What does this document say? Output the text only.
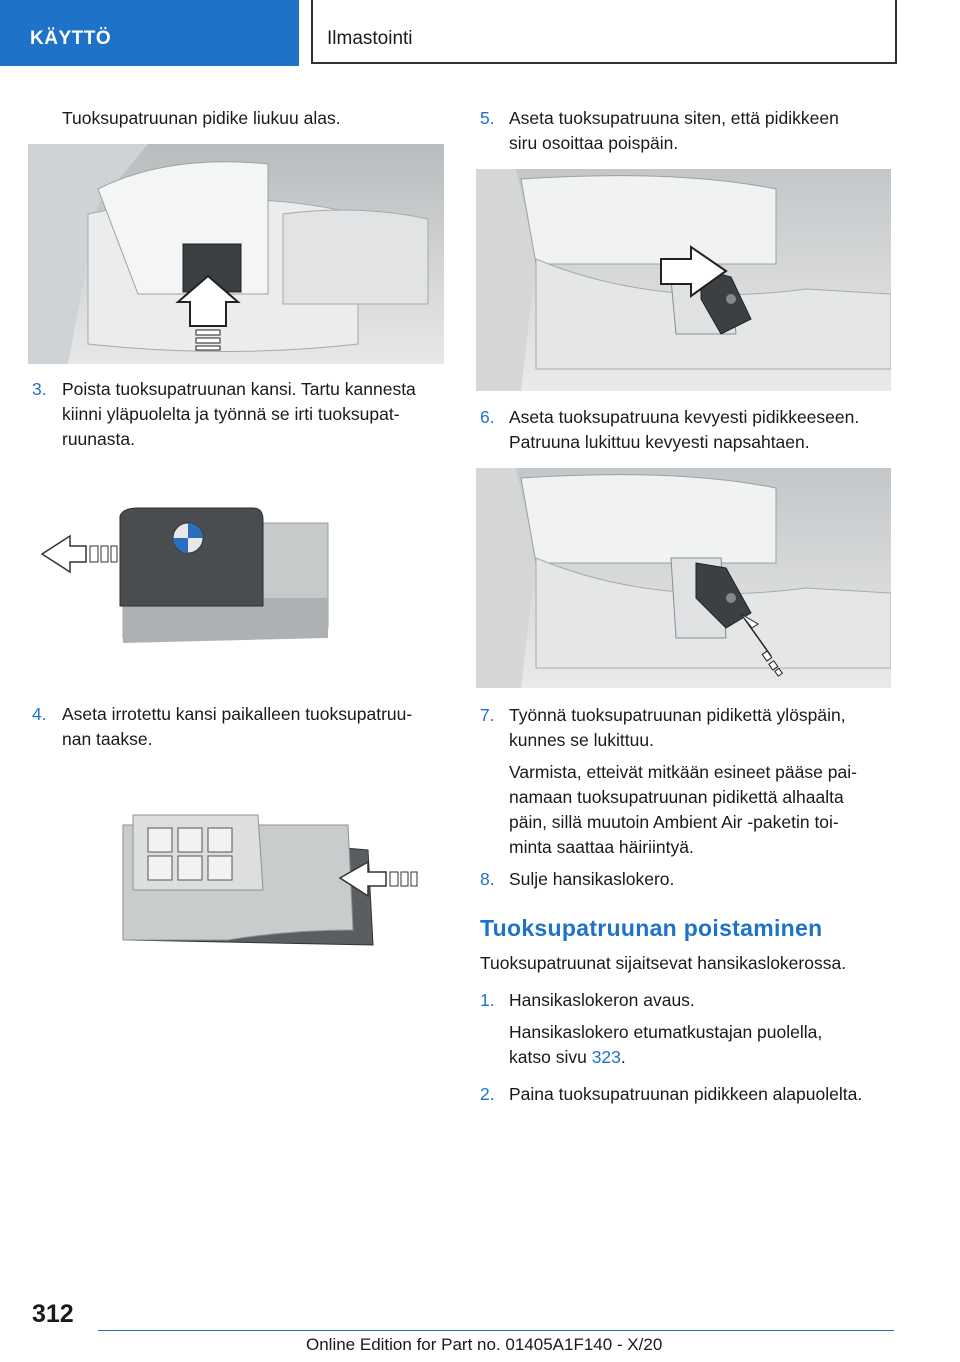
KÄYTTÖ	Ilmastointi
Tuoksupatruunan pidike liukuu alas.
3. Poista tuoksupatruunan kansi. Tartu kannesta
kiinni yläpuolelta ja työnnä se irti tuoksupat-
ruunasta.
4. Aseta irrotettu kansi paikalleen tuoksupatruu-
nan taakse.
5. Aseta tuoksupatruuna siten, että pidikkeen
siru osoittaa poispäin.
6. Aseta tuoksupatruuna kevyesti pidikkeeseen.
Patruuna lukittuu kevyesti napsahtaen.
7. Työnnä tuoksupatruunan pidikettä ylöspäin,
kunnes se lukittuu.
Varmista, etteivät mitkään esineet pääse pai-
namaan tuoksupatruunan pidikettä alhaalta
päin, sillä muutoin Ambient Air -paketin toi-
minta saattaa häiriintyä.
8. Sulje hansikaslokero.
Tuoksupatruunan poistaminen
Tuoksupatruunat sijaitsevat hansikaslokerossa.
1. Hansikaslokeron avaus.
Hansikaslokero etumatkustajan puolella,
katso sivu 323.
2. Paina tuoksupatruunan pidikkeen alapuolelta.
312
Online Edition for Part no. 01405A1F140 - X/20
